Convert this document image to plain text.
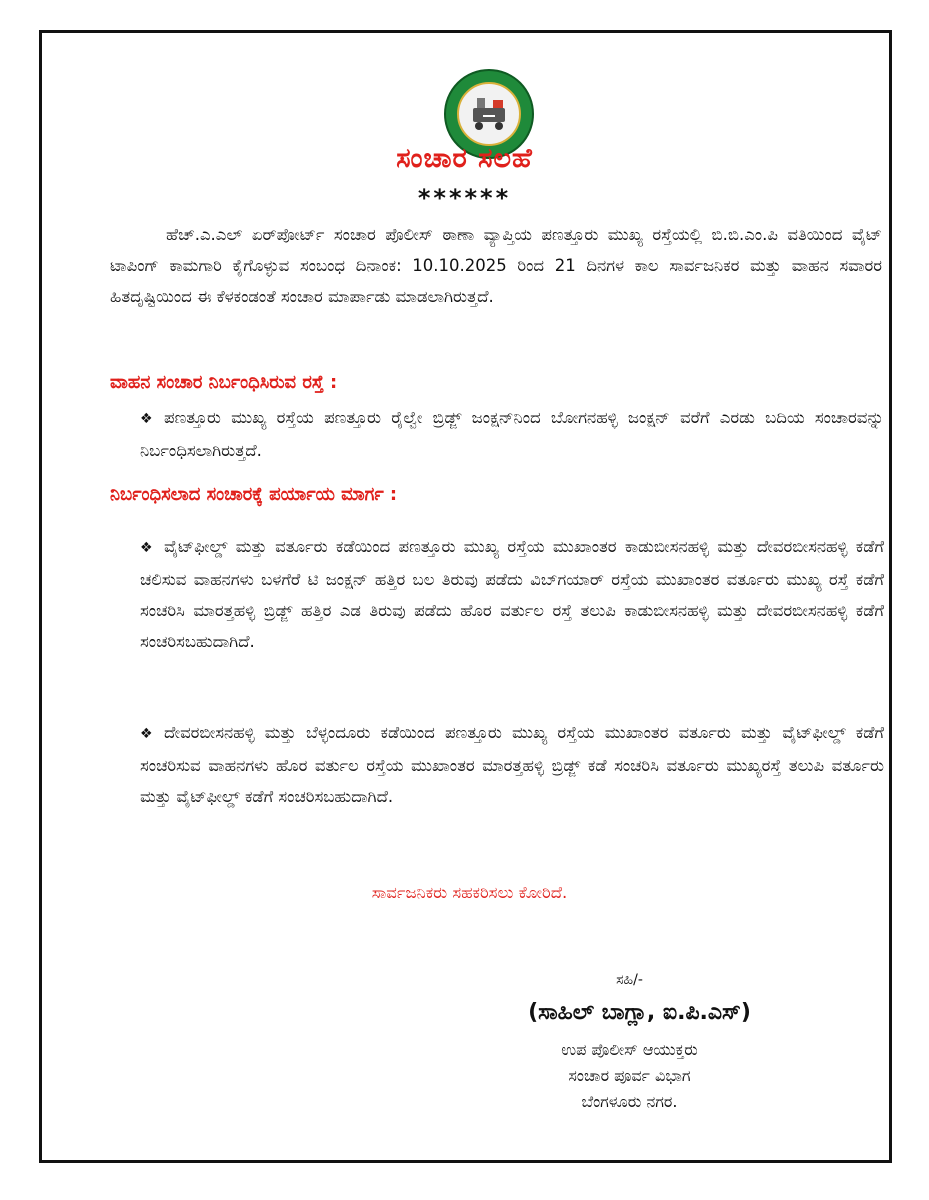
ಸಂಚಾರ ಸಲಹೆ
******
ಹೆಚ್.ಎ.ಎಲ್ ಏರ್‌ಪೋರ್ಟ್ ಸಂಚಾರ ಪೊಲೀಸ್ ಠಾಣಾ ವ್ಯಾಪ್ತಿಯ ಪಣತ್ತೂರು ಮುಖ್ಯ ರಸ್ತೆಯಲ್ಲಿ ಬಿ.ಬಿ.ಎಂ.ಪಿ ವತಿಯಿಂದ ವೈಟ್ ಟಾಪಿಂಗ್ ಕಾಮಗಾರಿ ಕೈಗೊಳ್ಳುವ ಸಂಬಂಧ ದಿನಾಂಕ: 10.10.2025 ರಿಂದ 21 ದಿನಗಳ ಕಾಲ ಸಾರ್ವಜನಿಕರ ಮತ್ತು ವಾಹನ ಸವಾರರ ಹಿತದೃಷ್ಟಿಯಿಂದ ಈ ಕೆಳಕಂಡಂತೆ ಸಂಚಾರ ಮಾರ್ಪಾಡು ಮಾಡಲಾಗಿರುತ್ತದೆ.
ವಾಹನ ಸಂಚಾರ ನಿರ್ಬಂಧಿಸಿರುವ ರಸ್ತೆ :
❖ ಪಣತ್ತೂರು ಮುಖ್ಯ ರಸ್ತೆಯ ಪಣತ್ತೂರು ರೈಲ್ವೇ ಬ್ರಿಡ್ಜ್ ಜಂಕ್ಷನ್‌ನಿಂದ ಬೋಗನಹಳ್ಳಿ ಜಂಕ್ಷನ್ ವರೆಗೆ ಎರಡು ಬದಿಯ ಸಂಚಾರವನ್ನು ನಿರ್ಬಂಧಿಸಲಾಗಿರುತ್ತದೆ.
ನಿರ್ಬಂಧಿಸಲಾದ ಸಂಚಾರಕ್ಕೆ ಪರ್ಯಾಯ ಮಾರ್ಗ :
❖ ವೈಟ್‌ಫೀಲ್ಡ್ ಮತ್ತು ವರ್ತೂರು ಕಡೆಯಿಂದ ಪಣತ್ತೂರು ಮುಖ್ಯ ರಸ್ತೆಯ ಮುಖಾಂತರ ಕಾಡುಬೀಸನಹಳ್ಳಿ ಮತ್ತು ದೇವರಬೀಸನಹಳ್ಳಿ ಕಡೆಗೆ ಚಲಿಸುವ ವಾಹನಗಳು ಬಳಗೆರೆ ಟಿ ಜಂಕ್ಷನ್ ಹತ್ತಿರ ಬಲ ತಿರುವು ಪಡೆದು ವಿಬ್‌ಗಯಾರ್ ರಸ್ತೆಯ ಮುಖಾಂತರ ವರ್ತೂರು ಮುಖ್ಯ ರಸ್ತೆ ಕಡೆಗೆ ಸಂಚರಿಸಿ ಮಾರತ್ತಹಳ್ಳಿ ಬ್ರಿಡ್ಜ್ ಹತ್ತಿರ ಎಡ ತಿರುವು ಪಡೆದು ಹೊರ ವರ್ತುಲ ರಸ್ತೆ ತಲುಪಿ ಕಾಡುಬೀಸನಹಳ್ಳಿ ಮತ್ತು ದೇವರಬೀಸನಹಳ್ಳಿ ಕಡೆಗೆ ಸಂಚರಿಸಬಹುದಾಗಿದೆ.
❖ ದೇವರಬೀಸನಹಳ್ಳಿ ಮತ್ತು ಬೆಳ್ಳಂದೂರು ಕಡೆಯಿಂದ ಪಣತ್ತೂರು ಮುಖ್ಯ ರಸ್ತೆಯ ಮುಖಾಂತರ ವರ್ತೂರು ಮತ್ತು ವೈಟ್‌ಫೀಲ್ಡ್ ಕಡೆಗೆ ಸಂಚರಿಸುವ ವಾಹನಗಳು ಹೊರ ವರ್ತುಲ ರಸ್ತೆಯ ಮುಖಾಂತರ ಮಾರತ್ತಹಳ್ಳಿ ಬ್ರಿಡ್ಜ್ ಕಡೆ ಸಂಚರಿಸಿ ವರ್ತೂರು ಮುಖ್ಯರಸ್ತೆ ತಲುಪಿ ವರ್ತೂರು ಮತ್ತು ವೈಟ್‌ಫೀಲ್ಡ್ ಕಡೆಗೆ ಸಂಚರಿಸಬಹುದಾಗಿದೆ.
ಸಾರ್ವಜನಿಕರು ಸಹಕರಿಸಲು ಕೋರಿದೆ.
ಸಹಿ/-
(ಸಾಹಿಲ್ ಬಾಗ್ಲಾ, ಐ.ಪಿ.ಎಸ್)
ಉಪ ಪೊಲೀಸ್ ಆಯುಕ್ತರು
ಸಂಚಾರ ಪೂರ್ವ ವಿಭಾಗ
ಬೆಂಗಳೂರು ನಗರ.
